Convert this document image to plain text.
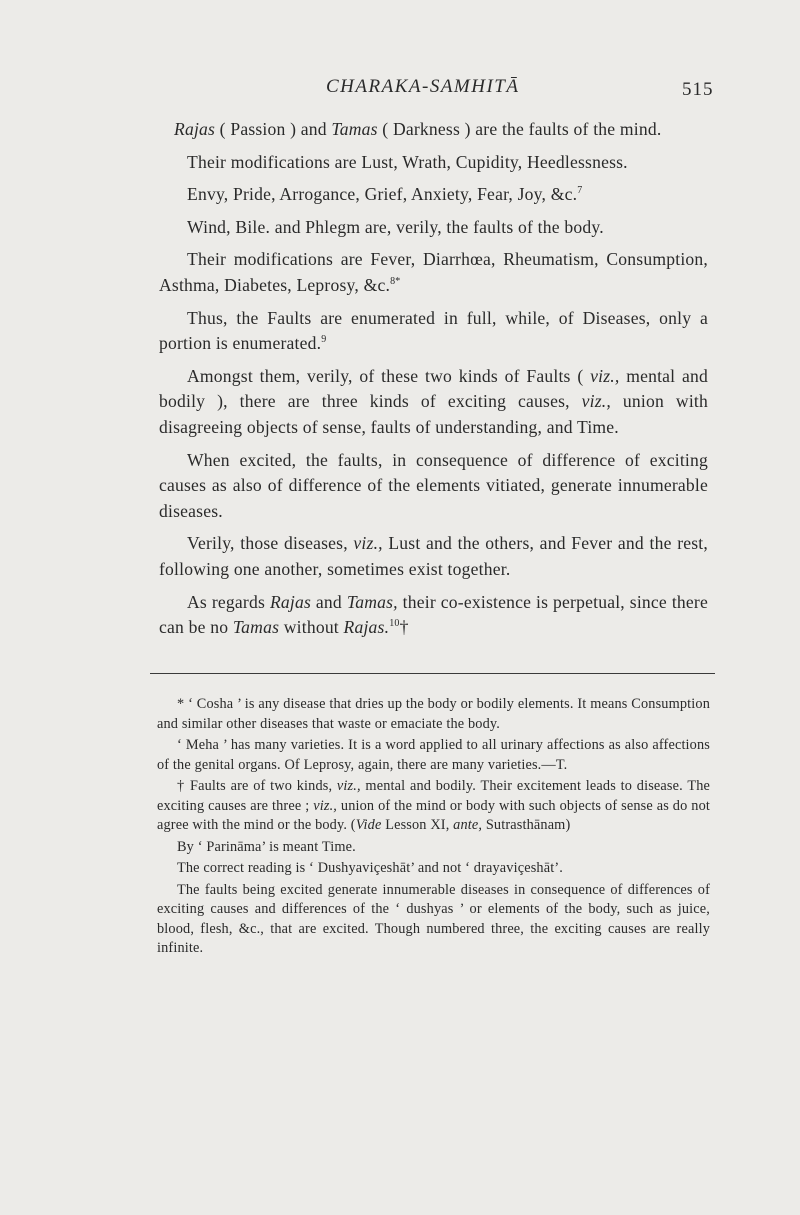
CHARAKA-SAMHITĀ	515

Rajas ( Passion ) and Tamas ( Darkness ) are the faults of the mind.

Their modifications are Lust, Wrath, Cupidity, Heedlessness.

Envy, Pride, Arrogance, Grief, Anxiety, Fear, Joy, &c.$^7$

Wind, Bile. and Phlegm are, verily, the faults of the body.

Their modifications are Fever, Diarrhœa, Rheumatism, Consumption, Asthma, Diabetes, Leprosy, &c.$^{8*}$

Thus, the Faults are enumerated in full, while, of Diseases, only a portion is enumerated.$^9$

Amongst them, verily, of these two kinds of Faults ( viz., mental and bodily ), there are three kinds of exciting causes, viz., union with disagreeing objects of sense, faults of understanding, and Time.

When excited, the faults, in consequence of difference of exciting causes as also of difference of the elements vitiated, generate innumerable diseases.

Verily, those diseases, viz., Lust and the others, and Fever and the rest, following one another, sometimes exist together.

As regards Rajas and Tamas, their co-existence is perpetual, since there can be no Tamas without Rajas.$^{10}$†

* ‘ Cosha ’ is any disease that dries up the body or bodily elements. It means Consumption and similar other diseases that waste or emaciate the body.

‘ Meha ’ has many varieties. It is a word applied to all urinary affections as also affections of the genital organs. Of Leprosy, again, there are many varieties.—T.

† Faults are of two kinds, viz., mental and bodily. Their excitement leads to disease. The exciting causes are three ; viz., union of the mind or body with such objects of sense as do not agree with the mind or the body. (Vide Lesson XI, ante, Sutrasthānam)

By ‘ Parināma’ is meant Time.

The correct reading is ‘ Dushyaviçeshāt’ and not ‘ drayaviçeshāt’.

The faults being excited generate innumerable diseases in consequence of differences of exciting causes and differences of the ‘ dushyas ’ or elements of the body, such as juice, blood, flesh, &c., that are excited. Though numbered three, the exciting causes are really infinite.
